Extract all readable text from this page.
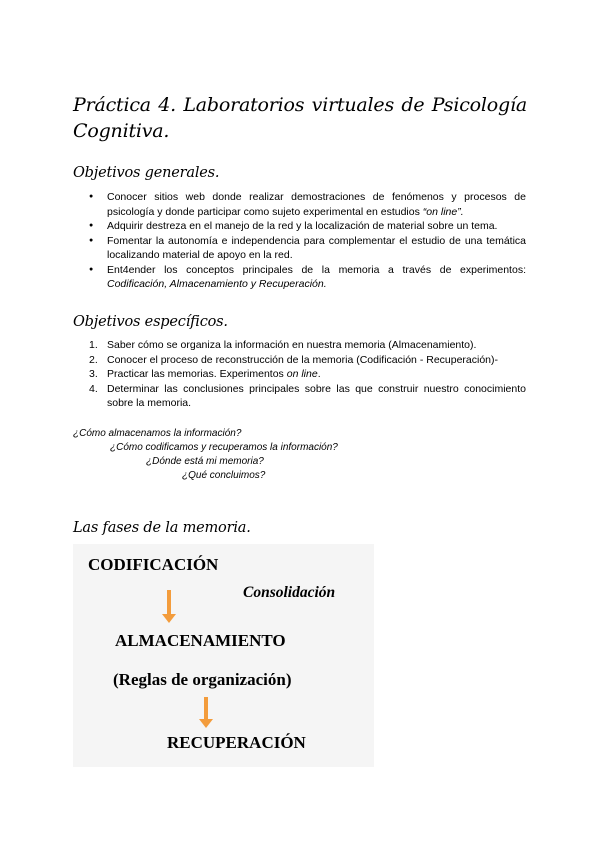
Práctica 4. Laboratorios virtuales de Psicología Cognitiva.
Objetivos generales.
● Conocer sitios web donde realizar demostraciones de fenómenos y procesos de psicología y donde participar como sujeto experimental en estudios “on line”.
● Adquirir destreza en el manejo de la red y la localización de material sobre un tema.
● Fomentar la autonomía e independencia para complementar el estudio de una temática localizando material de apoyo en la red.
● Ent4ender los conceptos principales de la memoria a través de experimentos: Codificación, Almacenamiento y Recuperación.
Objetivos específicos.
1. Saber cómo se organiza la información en nuestra memoria (Almacenamiento).
2. Conocer el proceso de reconstrucción de la memoria (Codificación - Recuperación)-
3. Practicar las memorias. Experimentos on line.
4. Determinar las conclusiones principales sobre las que construir nuestro conocimiento sobre la memoria.
¿Cómo almacenamos la información?
¿Cómo codificamos y recuperamos la información?
¿Dónde está mi memoria?
¿Qué concluimos?
Las fases de la memoria.
CODIFICACIÓN
Consolidación
ALMACENAMIENTO
(Reglas de organización)
RECUPERACIÓN
